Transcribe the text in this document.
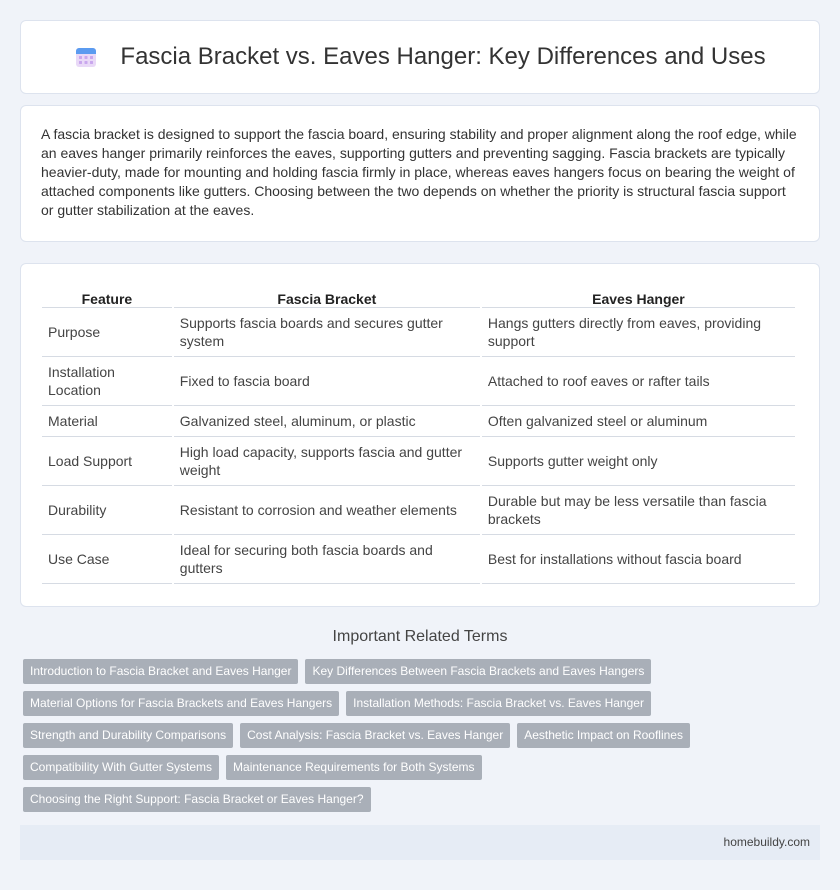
Fascia Bracket vs. Eaves Hanger: Key Differences and Uses

A fascia bracket is designed to support the fascia board, ensuring stability and proper alignment along the roof edge, while an eaves hanger primarily reinforces the eaves, supporting gutters and preventing sagging. Fascia brackets are typically heavier-duty, made for mounting and holding fascia firmly in place, whereas eaves hangers focus on bearing the weight of attached components like gutters. Choosing between the two depends on whether the priority is structural fascia support or gutter stabilization at the eaves.

Feature	Fascia Bracket	Eaves Hanger
Purpose	Supports fascia boards and secures gutter system	Hangs gutters directly from eaves, providing support
Installation Location	Fixed to fascia board	Attached to roof eaves or rafter tails
Material	Galvanized steel, aluminum, or plastic	Often galvanized steel or aluminum
Load Support	High load capacity, supports fascia and gutter weight	Supports gutter weight only
Durability	Resistant to corrosion and weather elements	Durable but may be less versatile than fascia brackets
Use Case	Ideal for securing both fascia boards and gutters	Best for installations without fascia board
Important Related Terms
Introduction to Fascia Bracket and Eaves Hanger	Key Differences Between Fascia Brackets and Eaves Hangers
Material Options for Fascia Brackets and Eaves Hangers	Installation Methods: Fascia Bracket vs. Eaves Hanger
Strength and Durability Comparisons	Cost Analysis: Fascia Bracket vs. Eaves Hanger	Aesthetic Impact on Rooflines
Compatibility With Gutter Systems	Maintenance Requirements for Both Systems
Choosing the Right Support: Fascia Bracket or Eaves Hanger?
homebuildy.com
